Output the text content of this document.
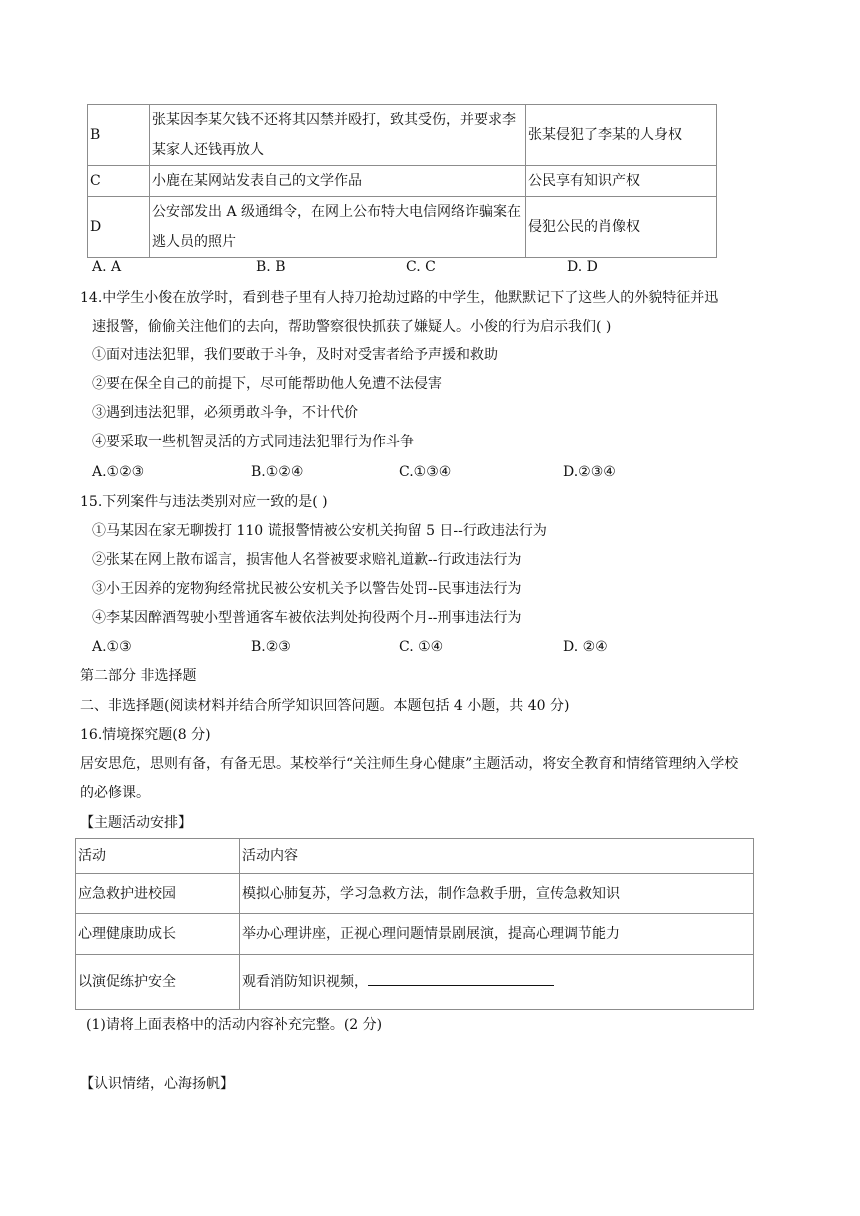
B	张某因李某欠钱不还将其囚禁并殴打，致其受伤，并要求李某家人还钱再放人	张某侵犯了李某的人身权
C	小鹿在某网站发表自己的文学作品	公民享有知识产权
D	公安部发出 A 级通缉令，在网上公布特大电信网络诈骗案在逃人员的照片	侵犯公民的肖像权
A. A	B. B	C. C	D. D
14.中学生小俊在放学时，看到巷子里有人持刀抢劫过路的中学生，他默默记下了这些人的外貌特征并迅
速报警，偷偷关注他们的去向，帮助警察很快抓获了嫌疑人。小俊的行为启示我们( )
①面对违法犯罪，我们要敢于斗争，及时对受害者给予声援和救助
②要在保全自己的前提下，尽可能帮助他人免遭不法侵害
③遇到违法犯罪，必须勇敢斗争，不计代价
④要采取一些机智灵活的方式同违法犯罪行为作斗争
A.①②③	B.①②④	C.①③④	D.②③④
15.下列案件与违法类别对应一致的是( )
①马某因在家无聊拨打 110 谎报警情被公安机关拘留 5 日--行政违法行为
②张某在网上散布谣言，损害他人名誉被要求赔礼道歉--行政违法行为
③小王因养的宠物狗经常扰民被公安机关予以警告处罚--民事违法行为
④李某因醉酒驾驶小型普通客车被依法判处拘役两个月--刑事违法行为
A.①③	B.②③	C. ①④	D. ②④
第二部分 非选择题
二、非选择题(阅读材料并结合所学知识回答问题。本题包括 4 小题，共 40 分)
16.情境探究题(8 分)
居安思危，思则有备，有备无思。某校举行“关注师生身心健康”主题活动，将安全教育和情绪管理纳入学校
的必修课。
【主题活动安排】
活动	活动内容
应急救护进校园	模拟心肺复苏，学习急救方法，制作急救手册，宣传急救知识
心理健康助成长	举办心理讲座，正视心理问题情景剧展演，提高心理调节能力
以演促练护安全	观看消防知识视频，
(1)请将上面表格中的活动内容补充完整。(2 分)
【认识情绪，心海扬帆】
